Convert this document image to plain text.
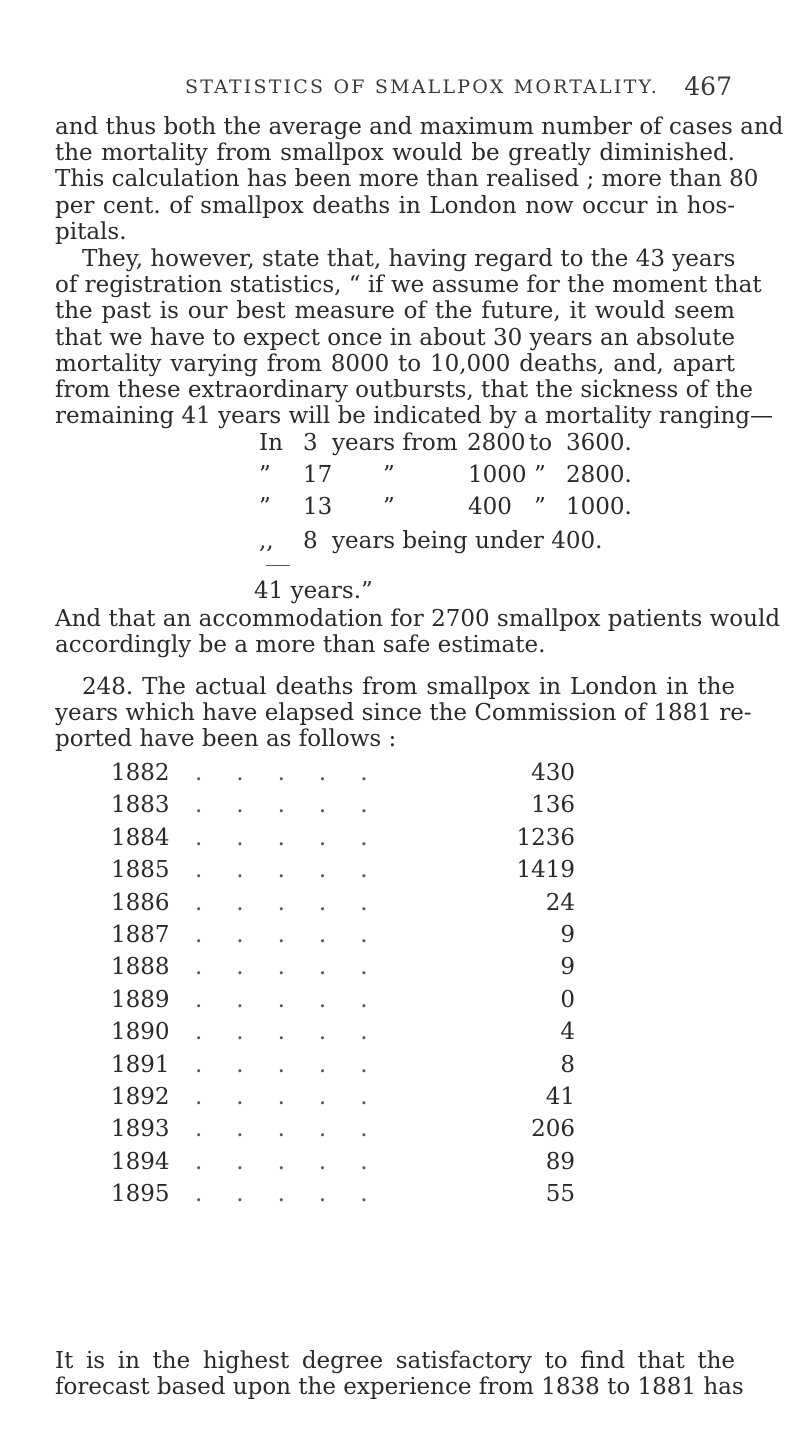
STATISTICS OF SMALLPOX MORTALITY.	467
and thus both the average and maximum number of cases and
the mortality from smallpox would be greatly diminished.
This calculation has been more than realised ; more than 80
per cent. of smallpox deaths in London now occur in hos-
pitals.
They, however, state that, having regard to the 43 years
of registration statistics, “ if we assume for the moment that
the past is our best measure of the future, it would seem
that we have to expect once in about 30 years an absolute
mortality varying from 8000 to 10,000 deaths, and, apart
from these extraordinary outbursts, that the sickness of the
remaining 41 years will be indicated by a mortality ranging—
In 3 years from 2800 to 3600.
” 17 ”	1000 ” 2800.
” 13 ”	400 ” 1000.
,, 8 years being under 400.
41 years.”
And that an accommodation for 2700 smallpox patients would
accordingly be a more than safe estimate.
248. The actual deaths from smallpox in London in the
years which have elapsed since the Commission of 1881 re-
ported have been as follows :
1882 .....	430
1883 .....	136
1884 .....	1236
1885 .....	1419
1886 .....	24
1887 .....	9
1888 .....	9
1889 .....	0
1890 .....	4
1891 .....	8
1892 .....	41
1893 .....	206
1894 .....	89
1895 .....	55
It is in the highest degree satisfactory to find that the
forecast based upon the experience from 1838 to 1881 has
